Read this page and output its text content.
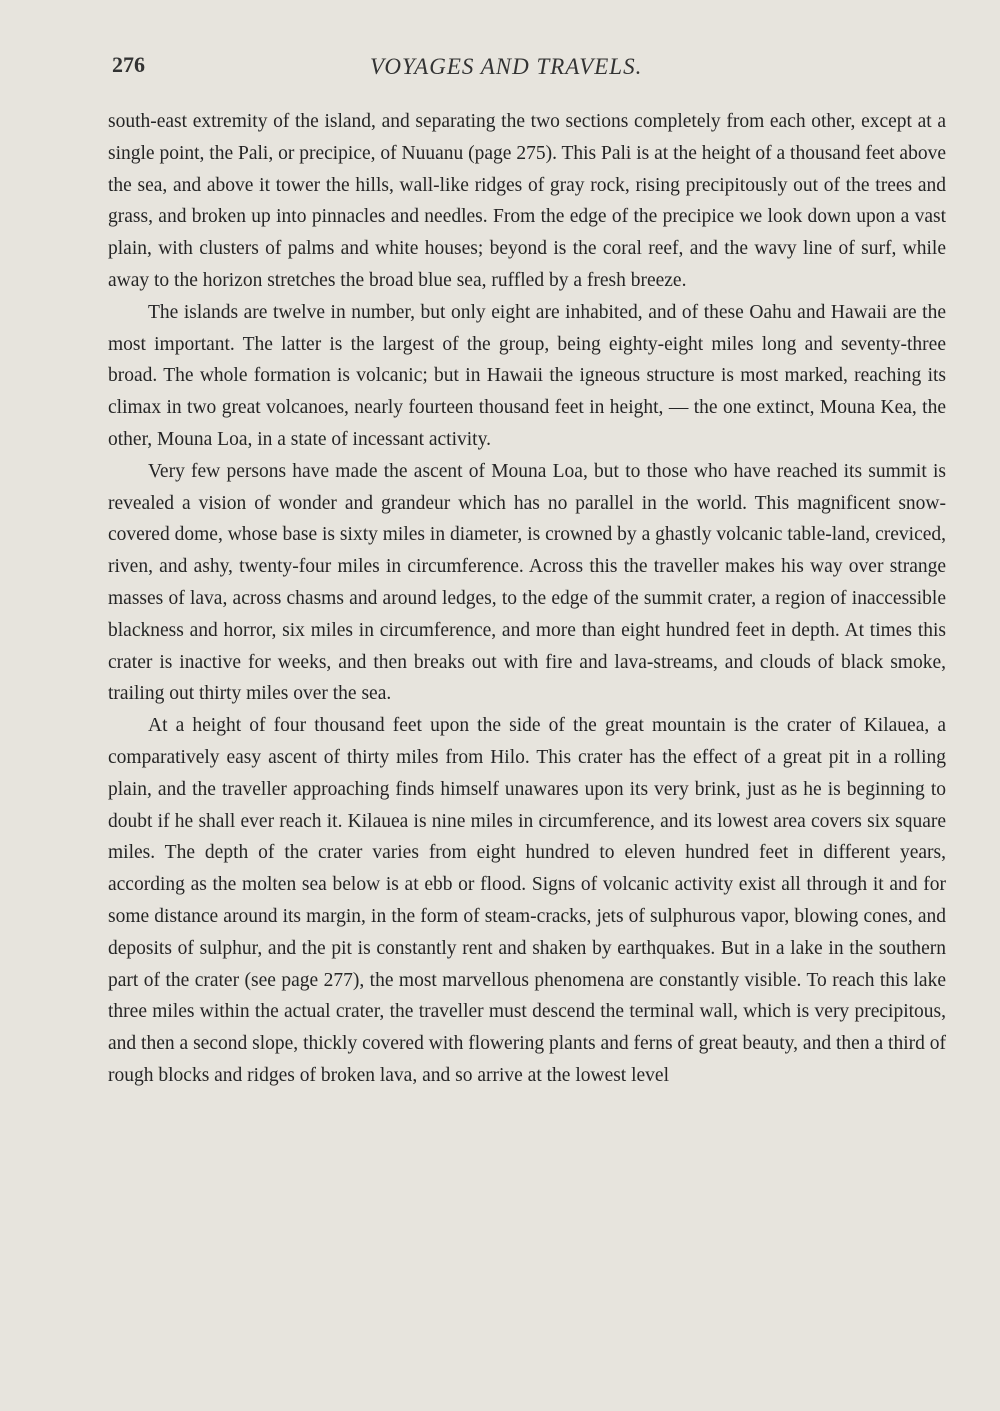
276	VOYAGES AND TRAVELS.

south-east extremity of the island, and separating the two sections completely from each other, except at a single point, the Pali, or precipice, of Nuuanu (page 275). This Pali is at the height of a thousand feet above the sea, and above it tower the hills, wall-like ridges of gray rock, rising precipitously out of the trees and grass, and broken up into pinnacles and needles. From the edge of the precipice we look down upon a vast plain, with clusters of palms and white houses; beyond is the coral reef, and the wavy line of surf, while away to the horizon stretches the broad blue sea, ruffled by a fresh breeze.

The islands are twelve in number, but only eight are inhabited, and of these Oahu and Hawaii are the most important. The latter is the largest of the group, being eighty-eight miles long and seventy-three broad. The whole formation is volcanic; but in Hawaii the igneous structure is most marked, reaching its climax in two great volcanoes, nearly fourteen thousand feet in height, — the one extinct, Mouna Kea, the other, Mouna Loa, in a state of incessant activity.

Very few persons have made the ascent of Mouna Loa, but to those who have reached its summit is revealed a vision of wonder and grandeur which has no parallel in the world. This magnificent snow-covered dome, whose base is sixty miles in diameter, is crowned by a ghastly volcanic table-land, creviced, riven, and ashy, twenty-four miles in circumference. Across this the traveller makes his way over strange masses of lava, across chasms and around ledges, to the edge of the summit crater, a region of inaccessible blackness and horror, six miles in circumference, and more than eight hundred feet in depth. At times this crater is inactive for weeks, and then breaks out with fire and lava-streams, and clouds of black smoke, trailing out thirty miles over the sea.

At a height of four thousand feet upon the side of the great mountain is the crater of Kilauea, a comparatively easy ascent of thirty miles from Hilo. This crater has the effect of a great pit in a rolling plain, and the traveller approaching finds himself unawares upon its very brink, just as he is beginning to doubt if he shall ever reach it. Kilauea is nine miles in circumference, and its lowest area covers six square miles. The depth of the crater varies from eight hundred to eleven hundred feet in different years, according as the molten sea below is at ebb or flood. Signs of volcanic activity exist all through it and for some distance around its margin, in the form of steam-cracks, jets of sulphurous vapor, blowing cones, and deposits of sulphur, and the pit is constantly rent and shaken by earthquakes. But in a lake in the southern part of the crater (see page 277), the most marvellous phenomena are constantly visible. To reach this lake three miles within the actual crater, the traveller must descend the terminal wall, which is very precipitous, and then a second slope, thickly covered with flowering plants and ferns of great beauty, and then a third of rough blocks and ridges of broken lava, and so arrive at the lowest level
